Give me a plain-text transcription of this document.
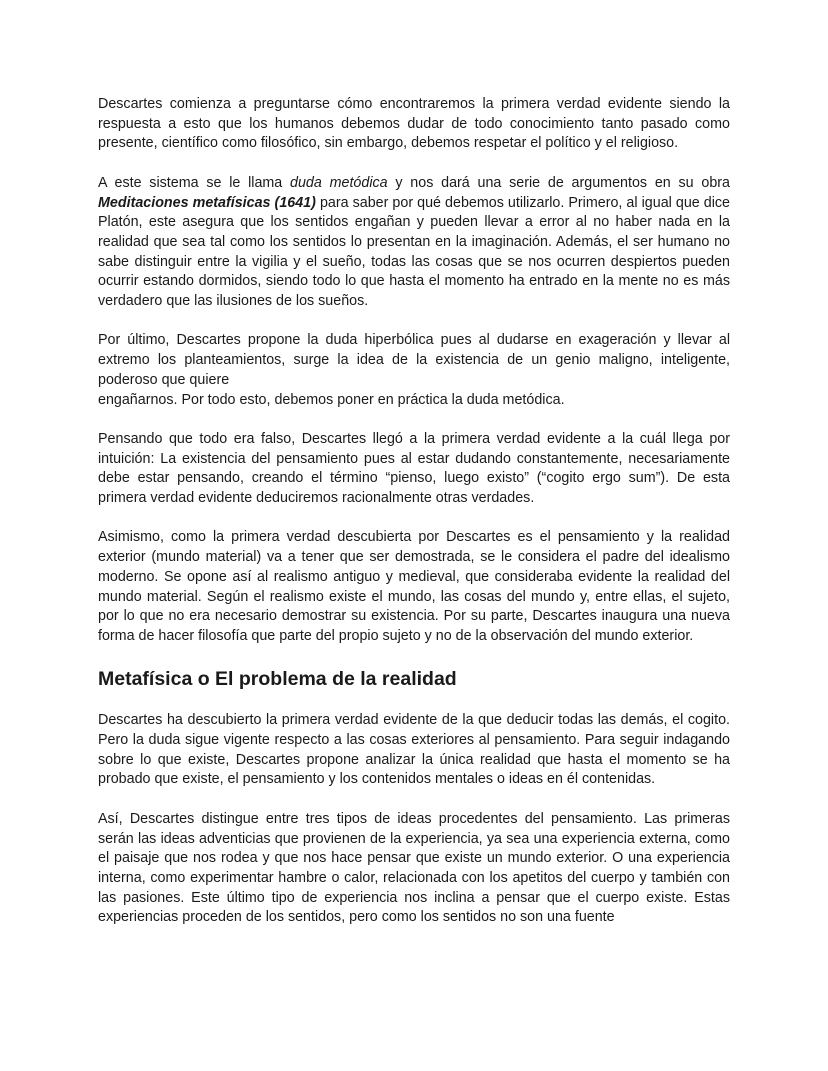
Descartes comienza a preguntarse cómo encontraremos la primera verdad evidente siendo la respuesta a esto que los humanos debemos dudar de todo conocimiento tanto pasado como presente, científico como filosófico, sin embargo, debemos respetar el político y el religioso.

A este sistema se le llama duda metódica y nos dará una serie de argumentos en su obra Meditaciones metafísicas (1641) para saber por qué debemos utilizarlo. Primero, al igual que dice Platón, este asegura que los sentidos engañan y pueden llevar a error al no haber nada en la realidad que sea tal como los sentidos lo presentan en la imaginación. Además, el ser humano no sabe distinguir entre la vigilia y el sueño, todas las cosas que se nos ocurren despiertos pueden ocurrir estando dormidos, siendo todo lo que hasta el momento ha entrado en la mente no es más verdadero que las ilusiones de los sueños.

Por último, Descartes propone la duda hiperbólica pues al dudarse en exageración y llevar al extremo los planteamientos, surge la idea de la existencia de un genio maligno, inteligente, poderoso que quiere

engañarnos. Por todo esto, debemos poner en práctica la duda metódica.

Pensando que todo era falso, Descartes llegó a la primera verdad evidente a la cuál llega por intuición: La existencia del pensamiento pues al estar dudando constantemente, necesariamente debe estar pensando, creando el término “pienso, luego existo” (“cogito ergo sum”). De esta primera verdad evidente deduciremos racionalmente otras verdades.

Asimismo, como la primera verdad descubierta por Descartes es el pensamiento y la realidad exterior (mundo material) va a tener que ser demostrada, se le considera el padre del idealismo moderno. Se opone así al realismo antiguo y medieval, que consideraba evidente la realidad del mundo material. Según el realismo existe el mundo, las cosas del mundo y, entre ellas, el sujeto, por lo que no era necesario demostrar su existencia. Por su parte, Descartes inaugura una nueva forma de hacer filosofía que parte del propio sujeto y no de la observación del mundo exterior.

Metafísica o El problema de la realidad

Descartes ha descubierto la primera verdad evidente de la que deducir todas las demás, el cogito. Pero la duda sigue vigente respecto a las cosas exteriores al pensamiento. Para seguir indagando sobre lo que existe, Descartes propone analizar la única realidad que hasta el momento se ha probado que existe, el pensamiento y los contenidos mentales o ideas en él contenidas.

Así, Descartes distingue entre tres tipos de ideas procedentes del pensamiento. Las primeras serán las ideas adventicias que provienen de la experiencia, ya sea una experiencia externa, como el paisaje que nos rodea y que nos hace pensar que existe un mundo exterior. O una experiencia interna, como experimentar hambre o calor, relacionada con los apetitos del cuerpo y también con las pasiones. Este último tipo de experiencia nos inclina a pensar que el cuerpo existe. Estas experiencias proceden de los sentidos, pero como los sentidos no son una fuente
